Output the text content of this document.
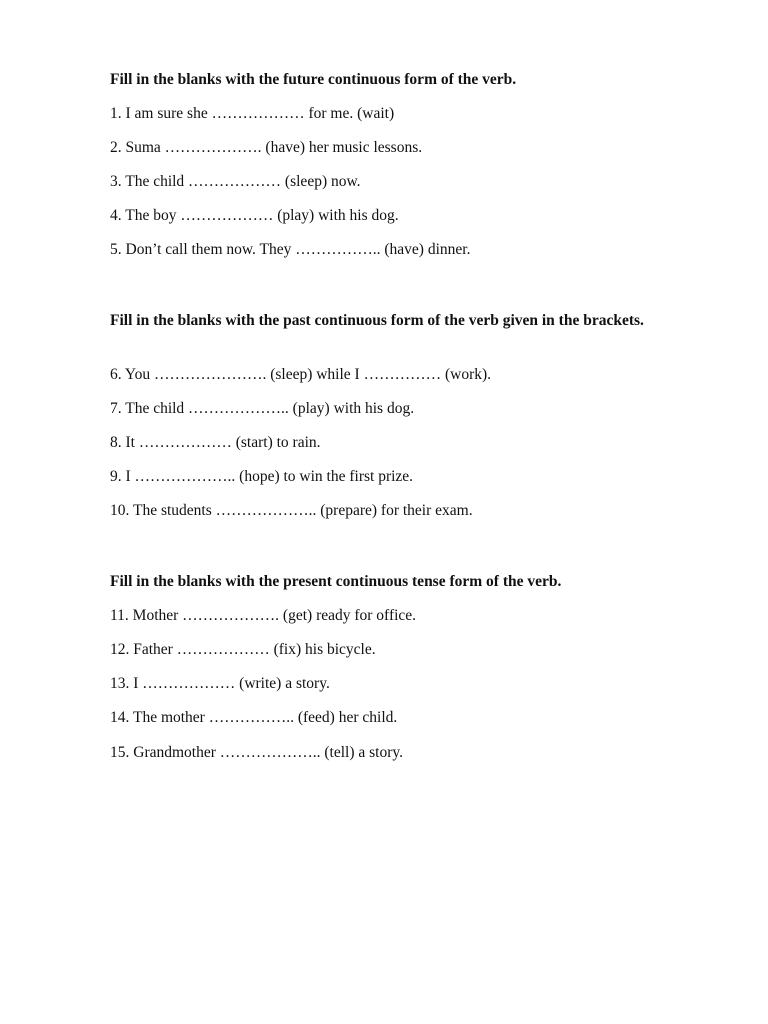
Fill in the blanks with the future continuous form of the verb.
1. I am sure she ……………… for me. (wait)
2. Suma ………………. (have) her music lessons.
3. The child ……………… (sleep) now.
4. The boy ……………… (play) with his dog.
5. Don’t call them now. They …………….. (have) dinner.
Fill in the blanks with the past continuous form of the verb given in the brackets.
6. You …………………. (sleep) while I …………… (work).
7. The child ……………….. (play) with his dog.
8. It ……………… (start) to rain.
9. I ……………….. (hope) to win the first prize.
10. The students ……………….. (prepare) for their exam.
Fill in the blanks with the present continuous tense form of the verb.
11. Mother ………………. (get) ready for office.
12. Father ……………… (fix) his bicycle.
13. I ……………… (write) a story.
14. The mother …………….. (feed) her child.
15. Grandmother ……………….. (tell) a story.
